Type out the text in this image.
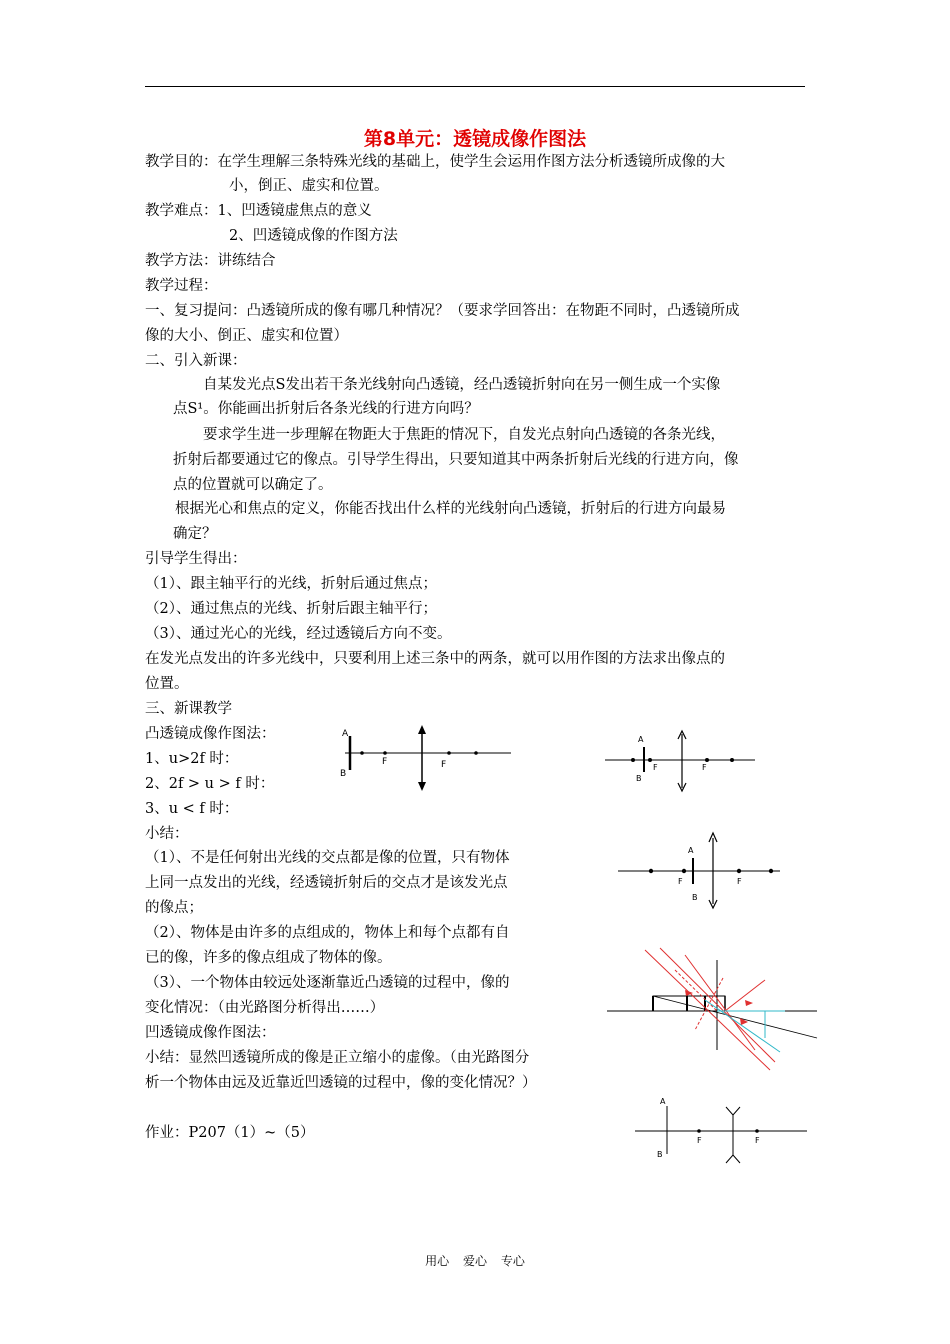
第8单元：透镜成像作图法
教学目的：在学生理解三条特殊光线的基础上，使学生会运用作图方法分析透镜所成像的大
小，倒正、虚实和位置。
教学难点：1、凹透镜虚焦点的意义
2、凹透镜成像的作图方法
教学方法：讲练结合
教学过程：
一、复习提问：凸透镜所成的像有哪几种情况？（要求学回答出：在物距不同时，凸透镜所成
像的大小、倒正、虚实和位置）
二、引入新课：
自某发光点S发出若干条光线射向凸透镜，经凸透镜折射向在另一侧生成一个实像
点S¹。你能画出折射后各条光线的行进方向吗？
要求学生进一步理解在物距大于焦距的情况下，自发光点射向凸透镜的各条光线，
折射后都要通过它的像点。引导学生得出，只要知道其中两条折射后光线的行进方向，像
点的位置就可以确定了。
根据光心和焦点的定义，你能否找出什么样的光线射向凸透镜，折射后的行进方向最易
确定？
引导学生得出：
（1）、跟主轴平行的光线，折射后通过焦点；
（2）、通过焦点的光线、折射后跟主轴平行；
（3）、通过光心的光线，经过透镜后方向不变。
在发光点发出的许多光线中，只要利用上述三条中的两条，就可以用作图的方法求出像点的
位置。
三、新课教学
凸透镜成像作图法：
1、u>2f 时：
2、2f > u > f 时：
3、u < f 时：
小结：
（1）、不是任何射出光线的交点都是像的位置，只有物体
上同一点发出的光线，经透镜折射后的交点才是该发光点
的像点；
（2）、物体是由许多的点组成的，物体上和每个点都有自
已的像，许多的像点组成了物体的像。
（3）、一个物体由较远处逐渐靠近凸透镜的过程中，像的
变化情况：（由光路图分析得出……）
凹透镜成像作图法：
小结：显然凹透镜所成的像是正立缩小的虚像。（由光路图分
析一个物体由远及近靠近凹透镜的过程中，像的变化情况？）
作业：P207（1）~（5）
A
B
F	F
A
B
F	F
A
B
F	F
A
B
F	F
用心 爱心 专心
